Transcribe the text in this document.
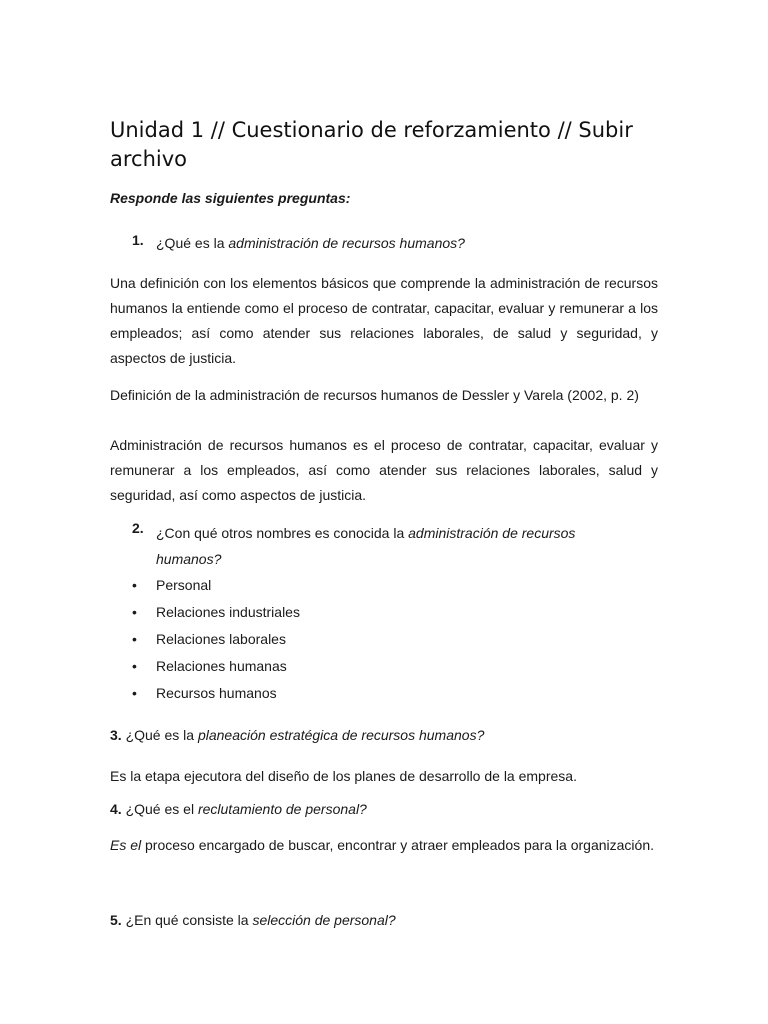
Unidad 1 // Cuestionario de reforzamiento // Subir archivo
Responde las siguientes preguntas:
1. ¿Qué es la administración de recursos humanos?
Una definición con los elementos básicos que comprende la administración de recursos humanos la entiende como el proceso de contratar, capacitar, evaluar y remunerar a los empleados; así como atender sus relaciones laborales, de salud y seguridad, y aspectos de justicia.
Definición de la administración de recursos humanos de Dessler y Varela (2002, p. 2)
Administración de recursos humanos es el proceso de contratar, capacitar, evaluar y remunerar a los empleados, así como atender sus relaciones laborales, salud y seguridad, así como aspectos de justicia.
2. ¿Con qué otros nombres es conocida la administración de recursos humanos?
• Personal
• Relaciones industriales
• Relaciones laborales
• Relaciones humanas
• Recursos humanos
3. ¿Qué es la planeación estratégica de recursos humanos?
Es la etapa ejecutora del diseño de los planes de desarrollo de la empresa.
4. ¿Qué es el reclutamiento de personal?
Es el proceso encargado de buscar, encontrar y atraer empleados para la organización.
5. ¿En qué consiste la selección de personal?
